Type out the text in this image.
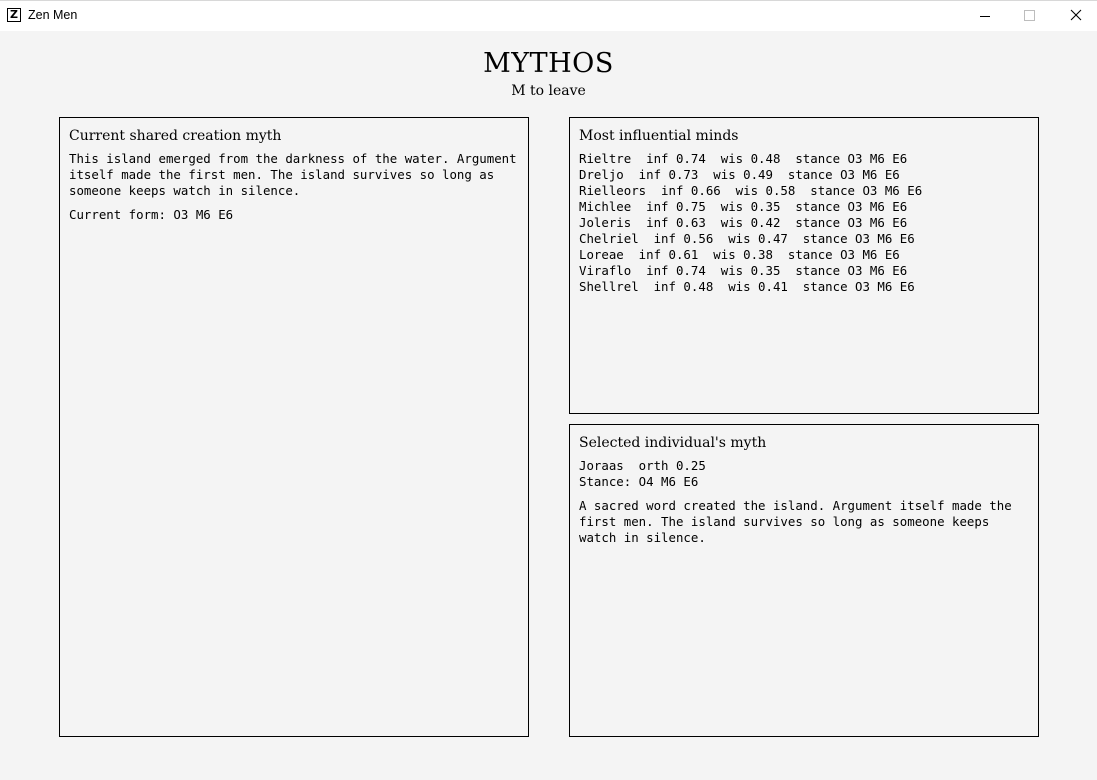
Z Zen Men
MYTHOS
M to leave
Current shared creation myth

This island emerged from the darkness of the water. Argument itself made the first men. The island survives so long as someone keeps watch in silence.

Current form: O3 M6 E6

Most influential minds
Rieltre  inf 0.74  wis 0.48  stance O3 M6 E6
Dreljo  inf 0.73  wis 0.49  stance O3 M6 E6
Rielleors  inf 0.66  wis 0.58  stance O3 M6 E6
Michlee  inf 0.75  wis 0.35  stance O3 M6 E6
Joleris  inf 0.63  wis 0.42  stance O3 M6 E6
Chelriel  inf 0.56  wis 0.47  stance O3 M6 E6
Loreae  inf 0.61  wis 0.38  stance O3 M6 E6
Viraflo  inf 0.74  wis 0.35  stance O3 M6 E6
Shellrel  inf 0.48  wis 0.41  stance O3 M6 E6
Selected individual's myth
Joraas  orth 0.25
Stance: O4 M6 E6

A sacred word created the island. Argument itself made the first men. The island survives so long as someone keeps watch in silence.
